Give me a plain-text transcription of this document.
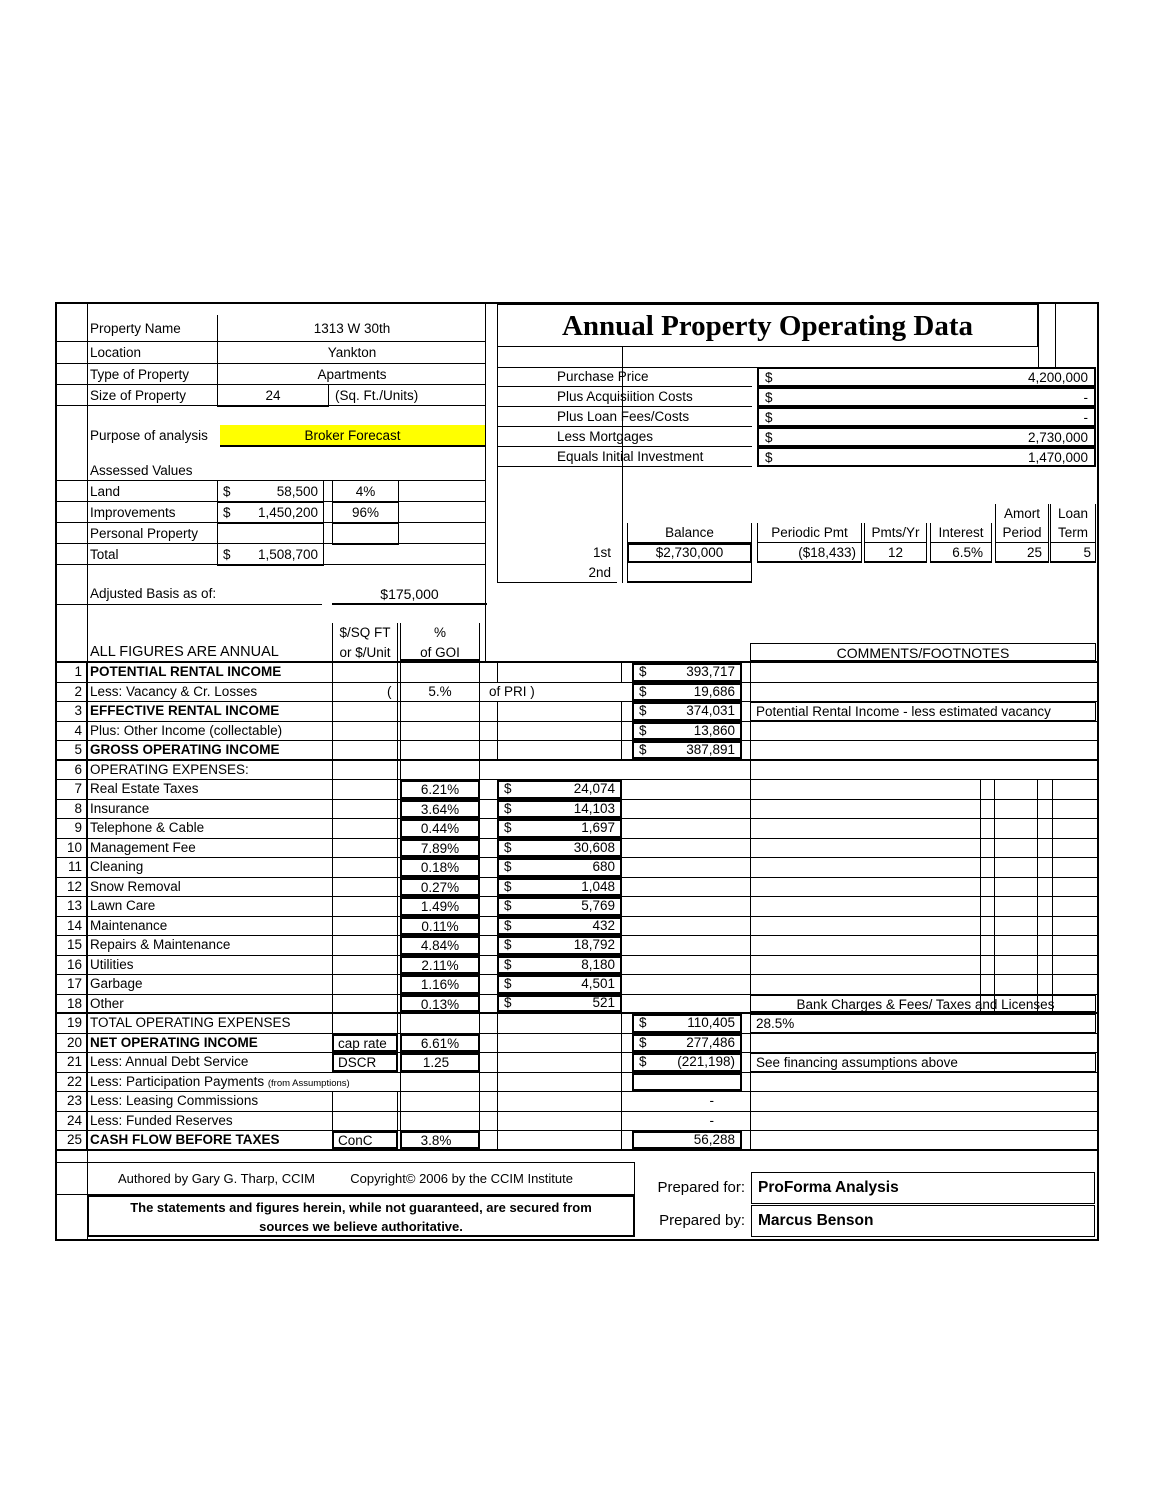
Annual Property Operating Data
Property Name	1313 W 30th
Location	Yankton
Type of Property	Apartments
Size of Property	24	(Sq. Ft./Units)
Purpose of analysis	Broker Forecast
Assessed Values
Land	$	58,500	4%
Improvements	$ 1,450,200	96%
Personal Property
Total	$ 1,508,700
Adjusted Basis as of:	$175,000
Purchase Price	$	4,200,000
Plus Acquisiition Costs	$	-
Plus Loan Fees/Costs	$	-
Less Mortgages	$	2,730,000
Equals Initial Investment	$	1,470,000
Amort	Loan
Balance	Periodic Pmt	Pmts/Yr	Interest	Period	Term
1st	$2,730,000	($18,433)	12	6.5%	25	5
2nd
$/SQ FT	%
ALL FIGURES ARE ANNUAL	or $/Unit	of GOI	COMMENTS/FOOTNOTES
1 POTENTIAL RENTAL INCOME	$	393,717
2 Less: Vacancy & Cr. Losses	(	5.%	of PRI )	$	19,686
3 EFFECTIVE RENTAL INCOME	$	374,031	Potential Rental Income - less estimated vacancy
4 Plus: Other Income (collectable)	$	13,860
5 GROSS OPERATING INCOME	$	387,891
6 OPERATING EXPENSES:
7 Real Estate Taxes	6.21%	$	24,074
8 Insurance	3.64%	$	14,103
9 Telephone & Cable	0.44%	$	1,697
10 Management Fee	7.89%	$	30,608
11 Cleaning	0.18%	$	680
12 Snow Removal	0.27%	$	1,048
13 Lawn Care	1.49%	$	5,769
14 Maintenance	0.11%	$	432
15 Repairs & Maintenance	4.84%	$	18,792
16 Utilities	2.11%	$	8,180
17 Garbage	1.16%	$	4,501
18 Other	0.13%	$	521	Bank Charges & Fees/ Taxes and Licenses
19 TOTAL OPERATING EXPENSES	$	110,405	28.5%
20 NET OPERATING INCOME	cap rate	6.61%	$	277,486
21 Less: Annual Debt Service	DSCR	1.25	$ (221,198)	See financing assumptions above
22 Less: Participation Payments (from Assumptions)
23 Less: Leasing Commissions	-
24 Less: Funded Reserves	-
25 CASH FLOW BEFORE TAXES	ConC	3.8%	56,288
Authored by Gary G. Tharp, CCIM	Copyright© 2006 by the CCIM Institute
The statements and figures herein, while not guaranteed, are secured from
sources we believe authoritative.
Prepared for: ProForma Analysis
Prepared by: Marcus Benson
